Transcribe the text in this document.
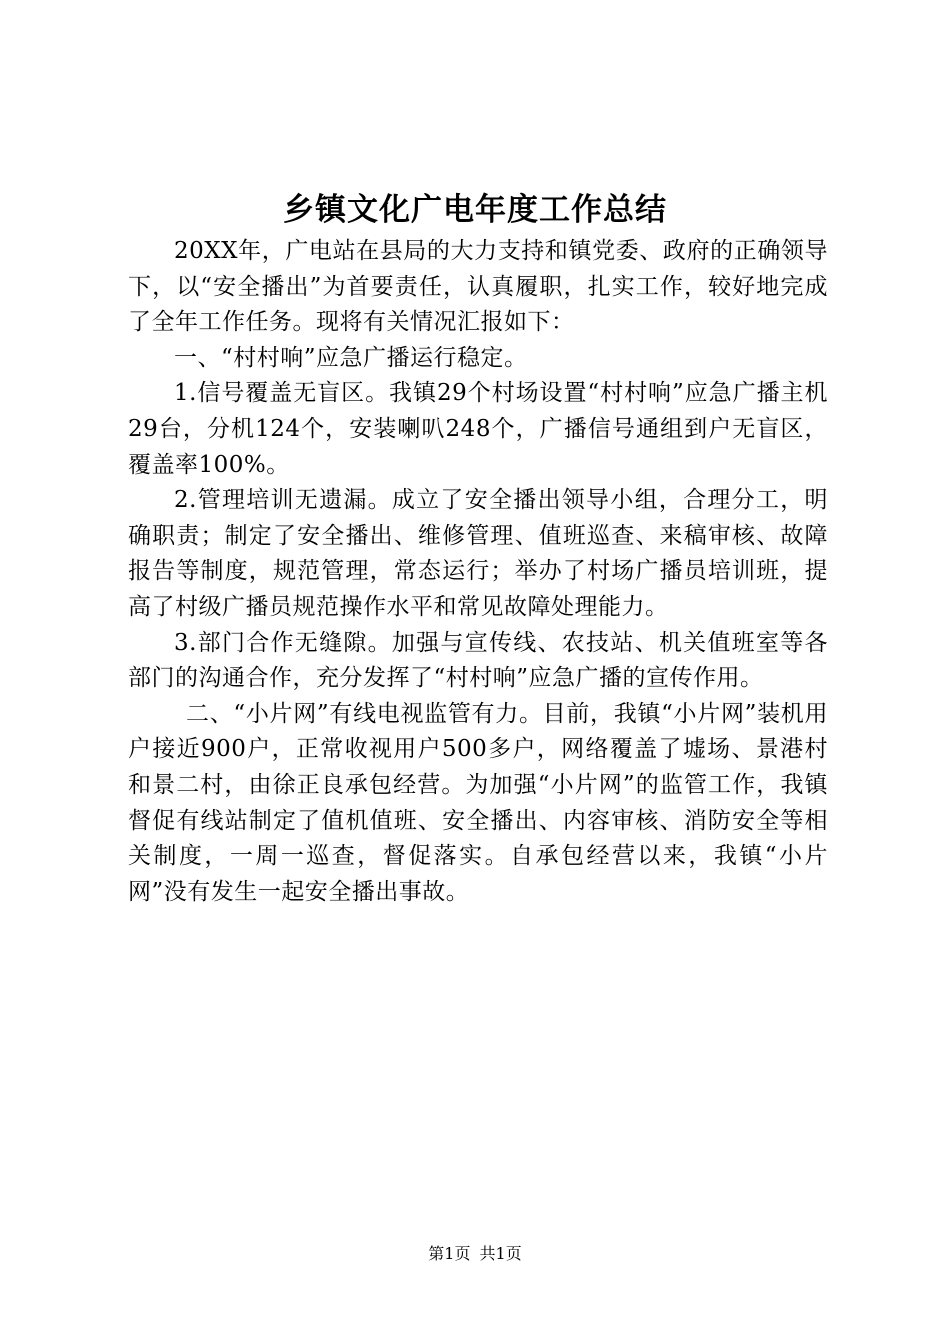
乡镇文化广电年度工作总结

20XX年，广电站在县局的大力支持和镇党委、政府的正确领导下，以“安全播出”为首要责任，认真履职，扎实工作，较好地完成了全年工作任务。现将有关情况汇报如下：

一、“村村响”应急广播运行稳定。

1.信号覆盖无盲区。我镇29个村场设置“村村响”应急广播主机29台，分机124个，安装喇叭248个，广播信号通组到户无盲区，覆盖率100%。

2.管理培训无遗漏。成立了安全播出领导小组，合理分工，明确职责；制定了安全播出、维修管理、值班巡查、来稿审核、故障报告等制度，规范管理，常态运行；举办了村场广播员培训班，提高了村级广播员规范操作水平和常见故障处理能力。

3.部门合作无缝隙。加强与宣传线、农技站、机关值班室等各部门的沟通合作，充分发挥了“村村响”应急广播的宣传作用。

二、“小片网”有线电视监管有力。目前，我镇“小片网”装机用户接近900户，正常收视用户500多户，网络覆盖了墟场、景港村和景二村，由徐正良承包经营。为加强“小片网”的监管工作，我镇督促有线站制定了值机值班、安全播出、内容审核、消防安全等相关制度，一周一巡查，督促落实。自承包经营以来，我镇“小片网”没有发生一起安全播出事故。

第1页 共1页
